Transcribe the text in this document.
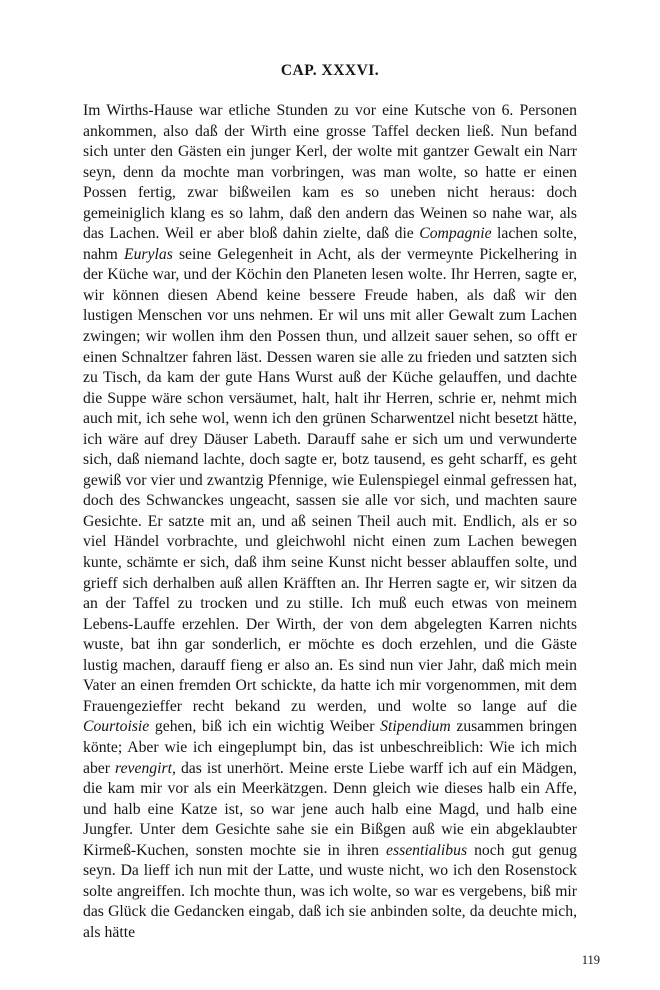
CAP. XXXVI.

Im Wirths-Hause war etliche Stunden zu vor eine Kutsche von 6. Personen ankommen, also daß der Wirth eine grosse Taffel decken ließ. Nun befand sich unter den Gästen ein junger Kerl, der wolte mit gantzer Gewalt ein Narr seyn, denn da mochte man vorbringen, was man wolte, so hatte er einen Possen fertig, zwar bißweilen kam es so uneben nicht heraus: doch gemeiniglich klang es so lahm, daß den andern das Weinen so nahe war, als das Lachen. Weil er aber bloß dahin zielte, daß die Compagnie lachen solte, nahm Eurylas seine Gelegenheit in Acht, als der vermeynte Pickelhering in der Küche war, und der Köchin den Planeten lesen wolte. Ihr Herren, sagte er, wir können diesen Abend keine bessere Freude haben, als daß wir den lustigen Menschen vor uns nehmen. Er wil uns mit aller Gewalt zum Lachen zwingen; wir wollen ihm den Possen thun, und allzeit sauer sehen, so offt er einen Schnaltzer fahren läst. Dessen waren sie alle zu frieden und satzten sich zu Tisch, da kam der gute Hans Wurst auß der Küche gelauffen, und dachte die Suppe wäre schon versäumet, halt, halt ihr Herren, schrie er, nehmt mich auch mit, ich sehe wol, wenn ich den grünen Scharwentzel nicht besetzt hätte, ich wäre auf drey Däuser Labeth. Darauff sahe er sich um und verwunderte sich, daß niemand lachte, doch sagte er, botz tausend, es geht scharff, es geht gewiß vor vier und zwantzig Pfennige, wie Eulenspiegel einmal gefressen hat, doch des Schwanckes ungeacht, sassen sie alle vor sich, und machten saure Gesichte. Er satzte mit an, und aß seinen Theil auch mit. Endlich, als er so viel Händel vorbrachte, und gleichwohl nicht einen zum Lachen bewegen kunte, schämte er sich, daß ihm seine Kunst nicht besser ablauffen solte, und grieff sich derhalben auß allen Kräfften an. Ihr Herren sagte er, wir sitzen da an der Taffel zu trocken und zu stille. Ich muß euch etwas von meinem Lebens-Lauffe erzehlen. Der Wirth, der von dem abgelegten Karren nichts wuste, bat ihn gar sonderlich, er möchte es doch erzehlen, und die Gäste lustig machen, darauff fieng er also an. Es sind nun vier Jahr, daß mich mein Vater an einen fremden Ort schickte, da hatte ich mir vorgenommen, mit dem Frauengezieffer recht bekand zu werden, und wolte so lange auf die Courtoisie gehen, biß ich ein wichtig Weiber Stipendium zusammen bringen könte; Aber wie ich eingeplumpt bin, das ist unbeschreiblich: Wie ich mich aber revengirt, das ist unerhört. Meine erste Liebe warff ich auf ein Mädgen, die kam mir vor als ein Meerkätzgen. Denn gleich wie dieses halb ein Affe, und halb eine Katze ist, so war jene auch halb eine Magd, und halb eine Jungfer. Unter dem Gesichte sahe sie ein Bißgen auß wie ein abgeklaubter Kirmeß-Kuchen, sonsten mochte sie in ihren essentialibus noch gut genug seyn. Da lieff ich nun mit der Latte, und wuste nicht, wo ich den Rosenstock solte angreiffen. Ich mochte thun, was ich wolte, so war es vergebens, biß mir das Glück die Gedancken eingab, daß ich sie anbinden solte, da deuchte mich, als hätte

119
